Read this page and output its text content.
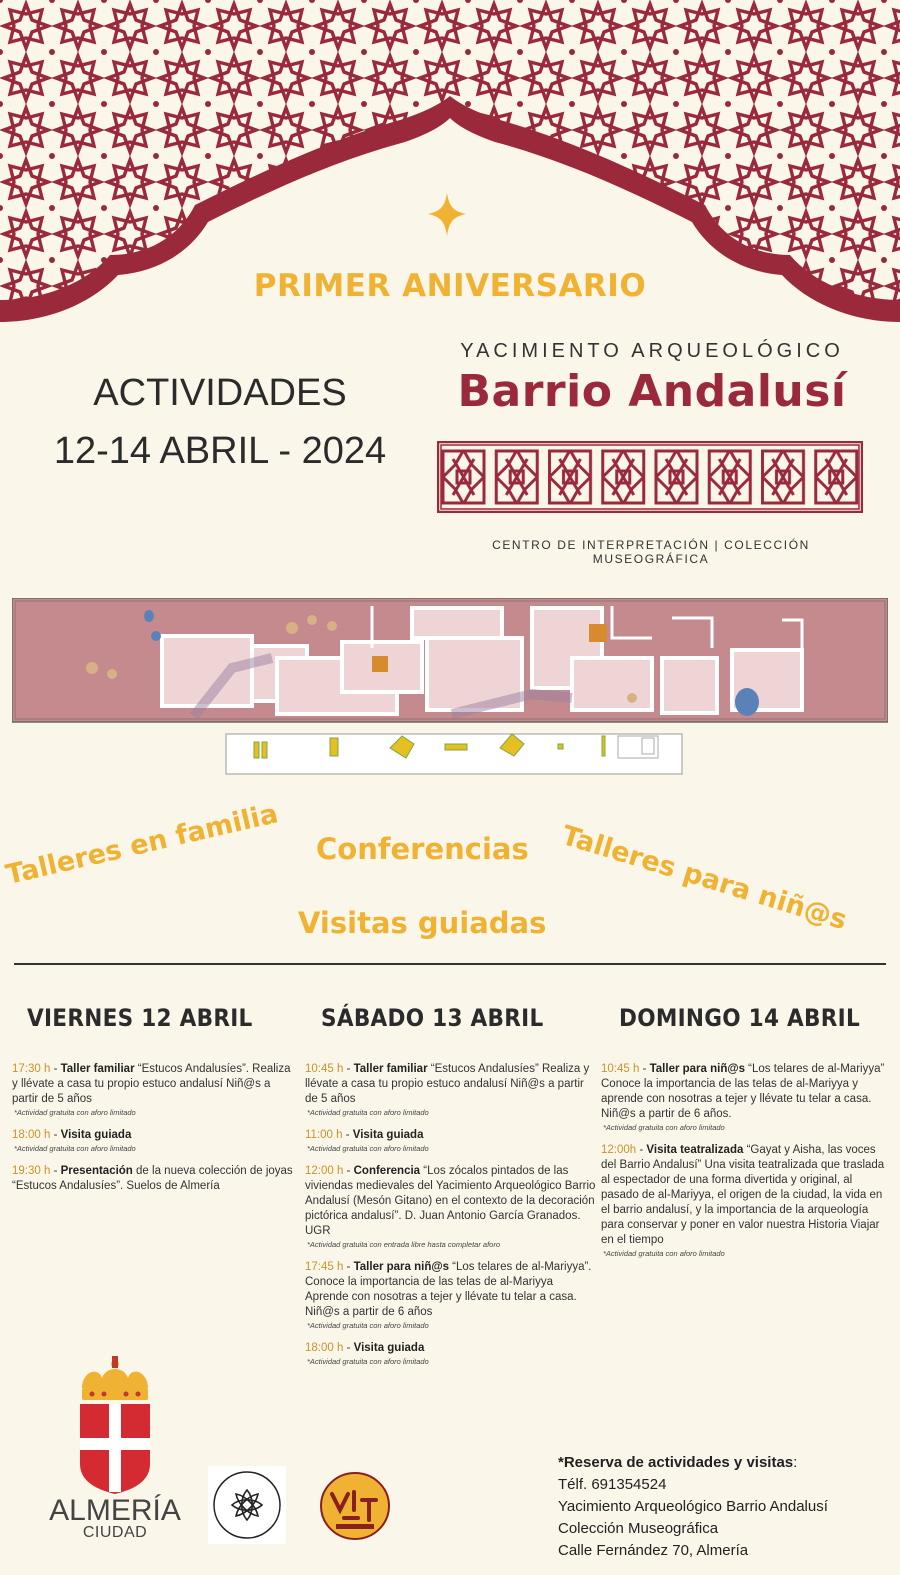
PRIMER ANIVERSARIO
ACTIVIDADES
12-14 ABRIL - 2024
YACIMIENTO ARQUEOLÓGICO
Barrio Andalusí
CENTRO DE INTERPRETACIÓN | COLECCIÓN MUSEOGRÁFICA
Talleres en familia Conferencias
Visitas guiadas Talleres para niñ@s
VIERNES 12 ABRIL	SÁBADO 13 ABRIL	DOMINGO 14 ABRIL

17:30 h - Taller familiar “Estucos Andalusíes”. Realiza y llévate a casa tu propio estuco andalusí Niñ@s a partir de 5 años

*Actividad gratuita con aforo limitado

18:00 h - Visita guiada

*Actividad gratuita con aforo limitado

19:30 h - Presentación de la nueva colección de joyas “Estucos Andalusíes”. Suelos de Almería

10:45 h - Taller familiar “Estucos Andalusíes” Realiza y llévate a casa tu propio estuco andalusí Niñ@s a partir de 5 años

*Actividad gratuita con aforo limitado

11:00 h - Visita guiada

*Actividad gratuita con aforo limitado

12:00 h - Conferencia “Los zócalos pintados de las viviendas medievales del Yacimiento Arqueológico Barrio Andalusí (Mesón Gitano) en el contexto de la decoración pictórica andalusí”. D. Juan Antonio García Granados. UGR

*Actividad gratuita con entrada libre hasta completar aforo

17:45 h - Taller para niñ@s “Los telares de al-Mariyya”. Conoce la importancia de las telas de al-Mariyya Aprende con nosotras a tejer y llévate tu telar a casa. Niñ@s a partir de 6 años

*Actividad gratuita con aforo limitado

18:00 h - Visita guiada

*Actividad gratuita con aforo limitado

10:45 h - Taller para niñ@s “Los telares de al-Mariyya” Conoce la importancia de las telas de al-Mariyya y aprende con nosotras a tejer y llévate tu telar a casa. Niñ@s a partir de 6 años.

*Actividad gratuita con aforo limitado

12:00h - Visita teatralizada “Gayat y Aisha, las voces del Barrio Andalusí” Una visita teatralizada que traslada al espectador de una forma divertida y original, al pasado de al-Mariyya, el origen de la ciudad, la vida en el barrio andalusí, y la importancia de la arqueología para conservar y poner en valor nuestra Historia Viajar en el tiempo

*Actividad gratuita con aforo limitado
ALMERÍA
CIUDAD
*Reserva de actividades y visitas:
Télf. 691354524
Yacimiento Arqueológico Barrio Andalusí
Colección Museográfica
Calle Fernández 70, Almería
